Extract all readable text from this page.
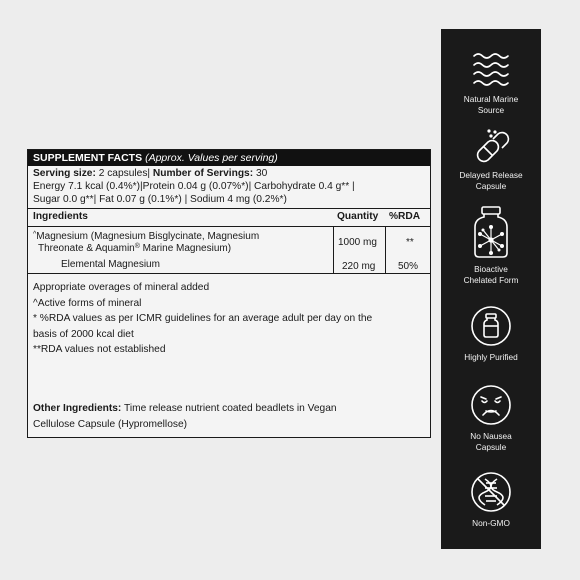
SUPPLEMENT FACTS (Approx. Values per serving)
Serving size: 2 capsules| Number of Servings: 30
Energy 7.1 kcal (0.4%*)|Protein 0.04 g (0.07%*)| Carbohydrate 0.4 g** |
Sugar 0.0 g**| Fat 0.07 g (0.1%*) | Sodium 4 mg (0.2%*)
Ingredients	Quantity %RDA
^Magnesium (Magnesium Bisglycinate, Magnesium
Threonate & Aquamin® Marine Magnesium)
1000 mg	**
Elemental Magnesium	220 mg 50%
Appropriate overages of mineral added
^Active forms of mineral
* %RDA values as per ICMR guidelines for an average adult per day on the
basis of 2000 kcal diet
**RDA values not established
Other Ingredients: Time release nutrient coated beadlets in Vegan
Cellulose Capsule (Hypromellose)
Natural Marine
Source
Delayed Release
Capsule
Bioactive
Chelated Form
Highly Purified
No Nausea
Capsule
Non-GMO
